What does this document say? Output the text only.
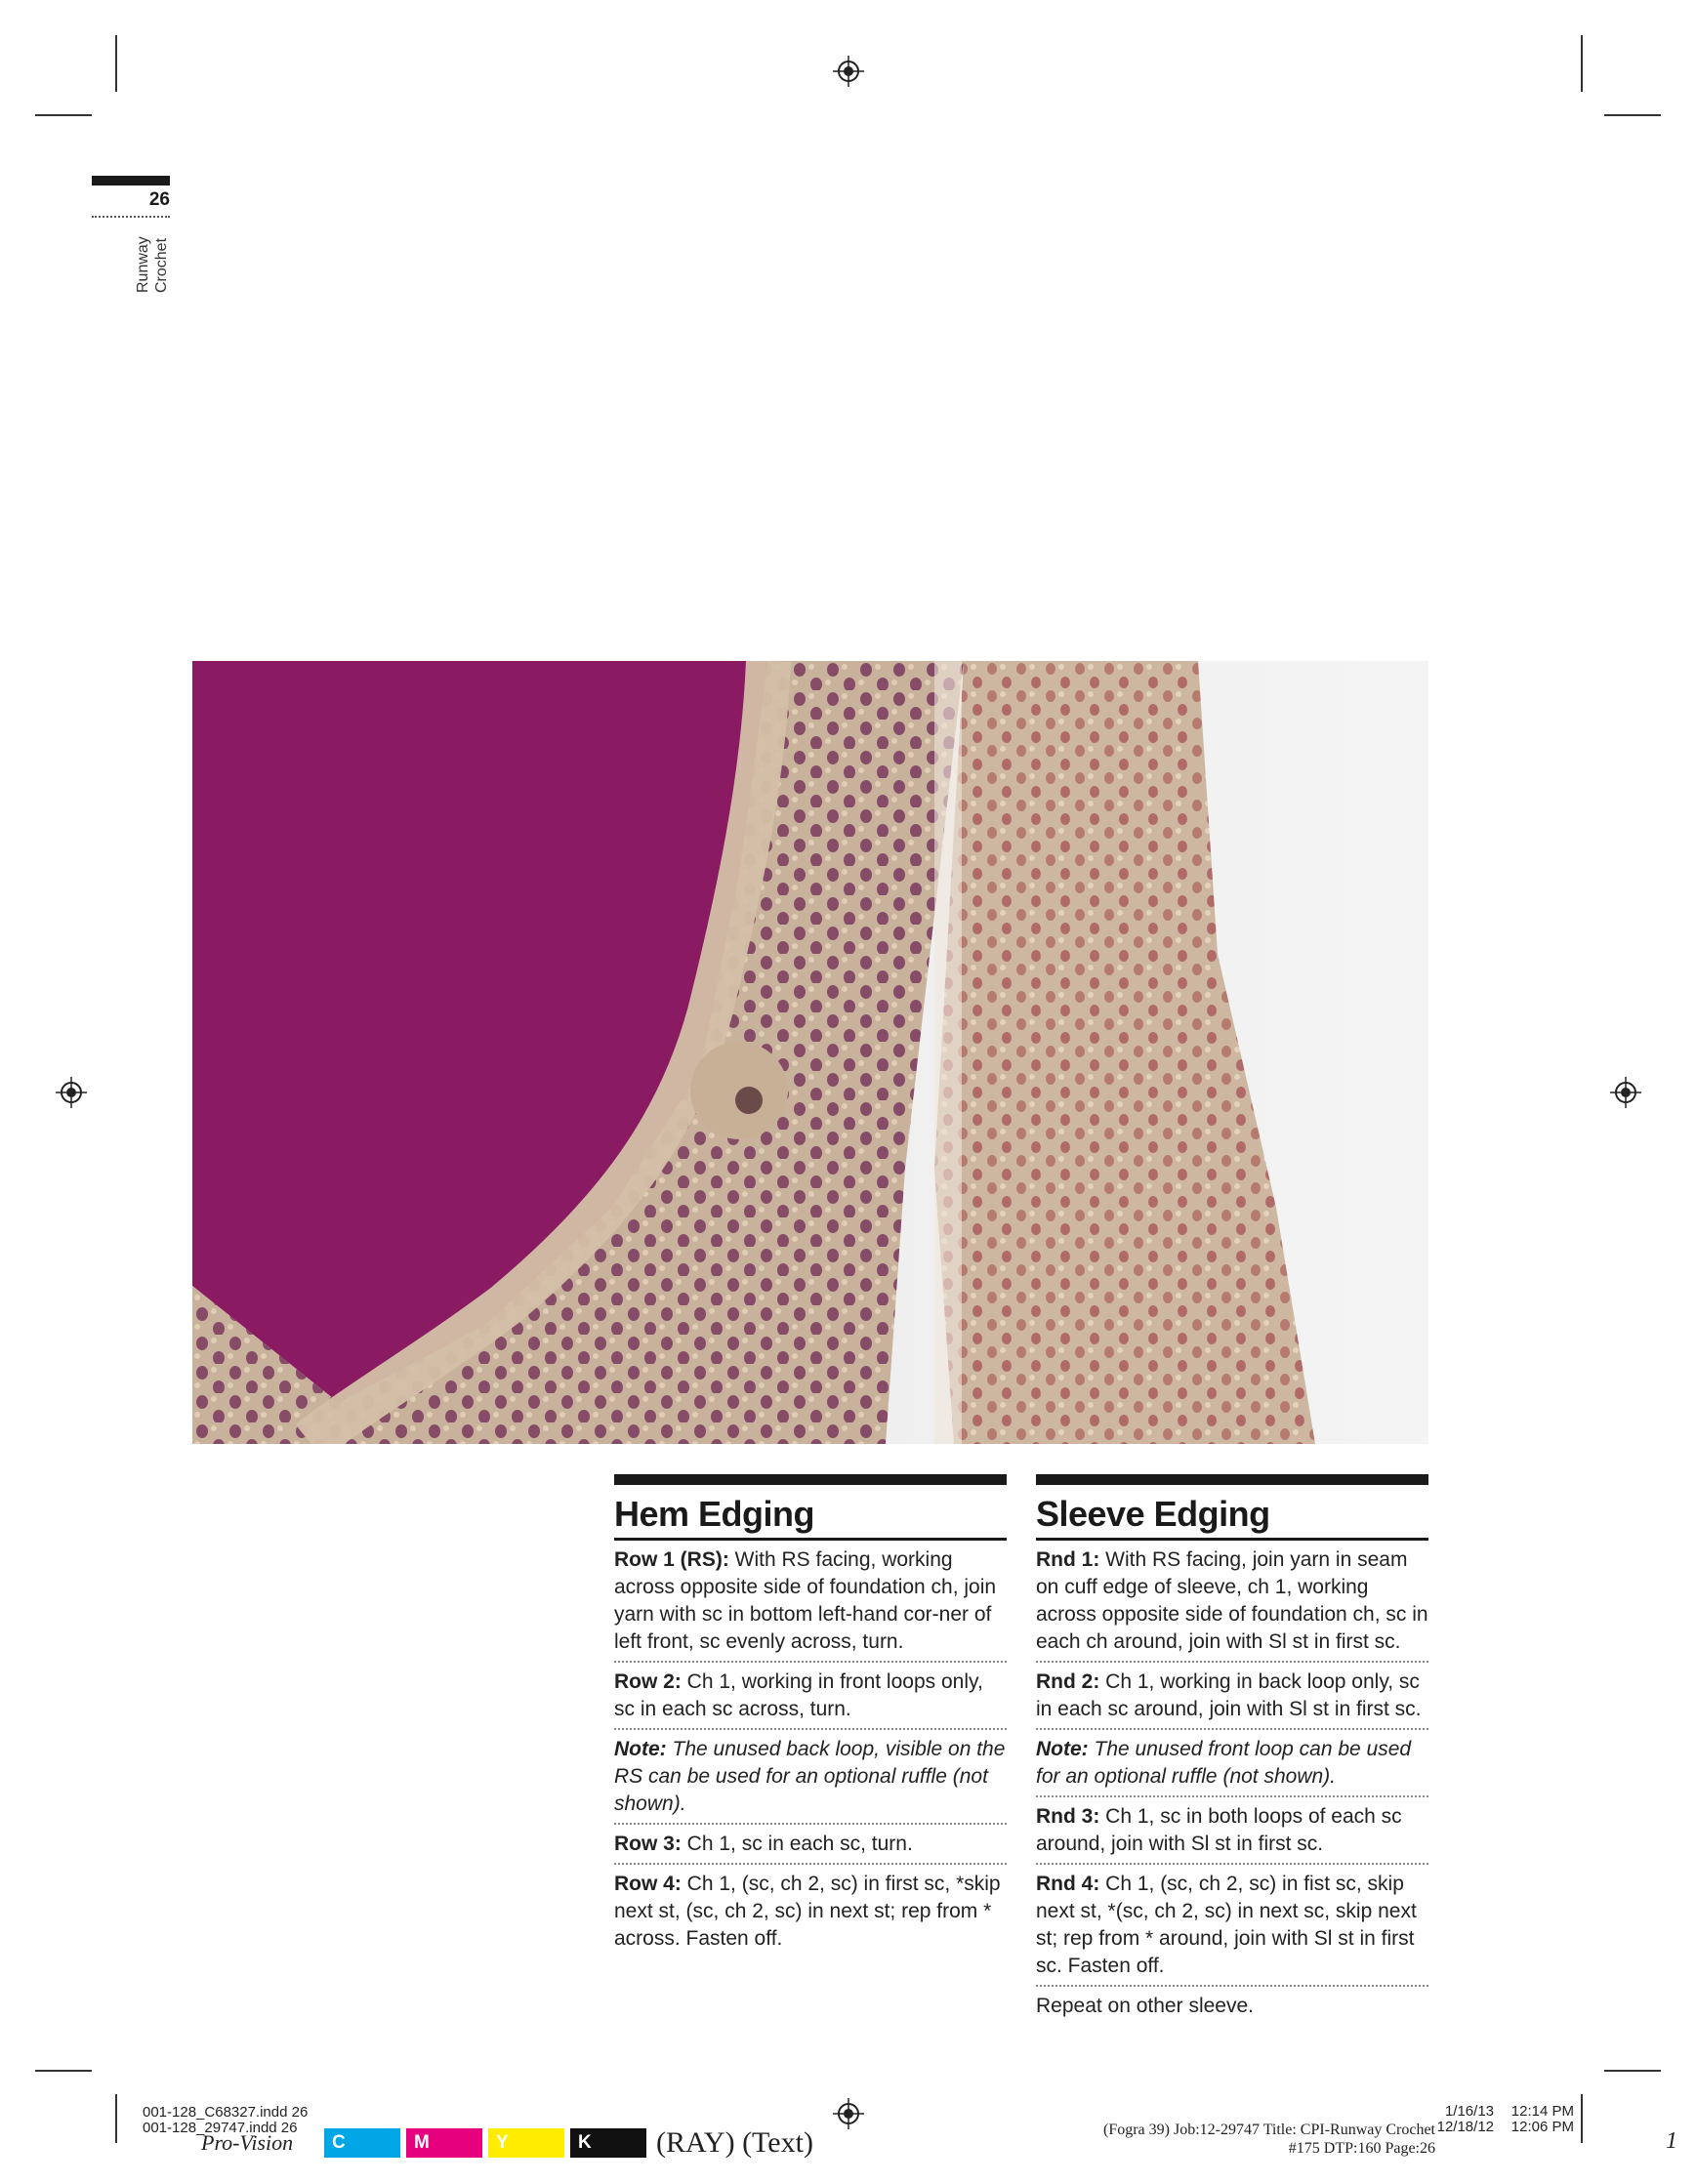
26
Runway Crochet
Hem Edging
Row 1 (RS): With RS facing, working across opposite side of foundation ch, join yarn with sc in bottom left-hand cor-ner of left front, sc evenly across, turn.
Row 2: Ch 1, working in front loops only, sc in each sc across, turn.
Note: The unused back loop, visible on the RS can be used for an optional ruffle (not shown).
Row 3: Ch 1, sc in each sc, turn.
Row 4: Ch 1, (sc, ch 2, sc) in first sc, *skip next st, (sc, ch 2, sc) in next st; rep from * across. Fasten off.
Sleeve Edging
Rnd 1: With RS facing, join yarn in seam on cuff edge of sleeve, ch 1, working across opposite side of foundation ch, sc in each ch around, join with Sl st in first sc.
Rnd 2: Ch 1, working in back loop only, sc in each sc around, join with Sl st in first sc.
Note: The unused front loop can be used for an optional ruffle (not shown).
Rnd 3: Ch 1, sc in both loops of each sc around, join with Sl st in first sc.
Rnd 4: Ch 1, (sc, ch 2, sc) in fist sc, skip next st, *(sc, ch 2, sc) in next sc, skip next st; rep from * around, join with Sl st in first sc. Fasten off.
Repeat on other sleeve.
001-128_C68327.indd 26
001-128_29747.indd 26
Pro-Vision	C	M	Y	K	(RAY) (Text)	(Fogra 39) Job:12-29747 Title: CPI-Runway Crochet
#175 DTP:160 Page:26
1/16/13
12/18/12
12:14 PM
12:06 PM
1
